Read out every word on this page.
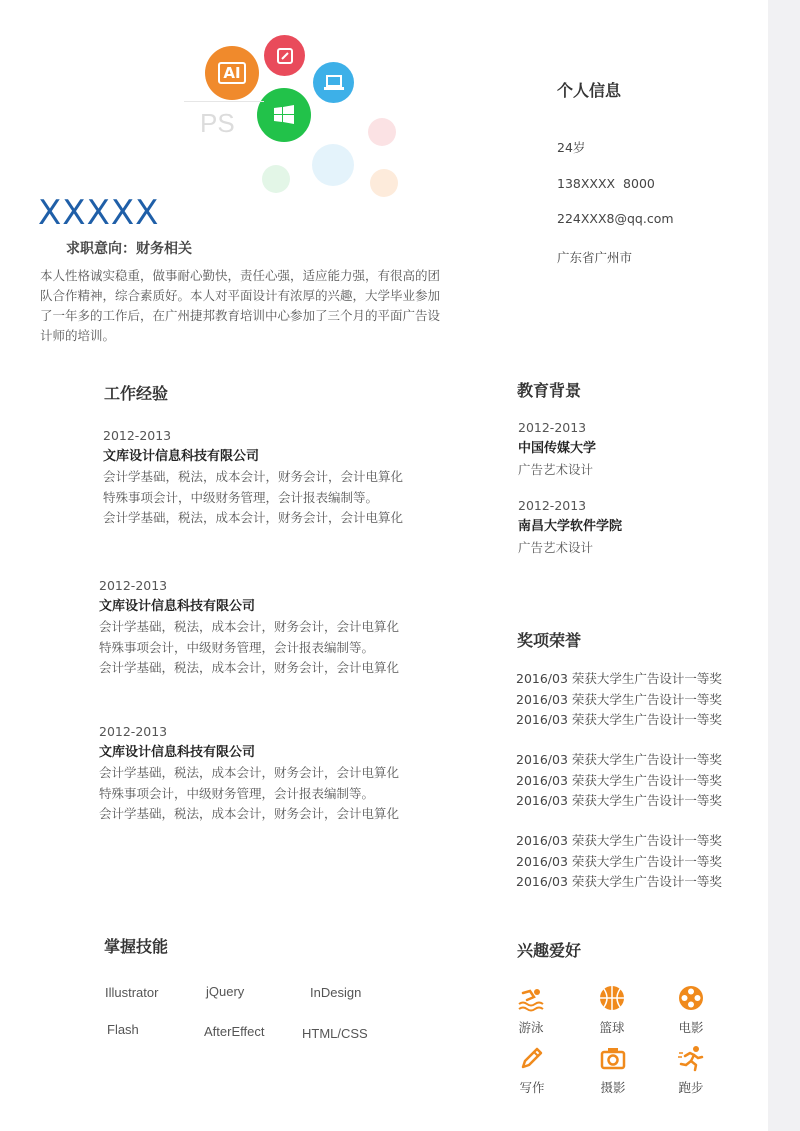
AI
PS
XXXXX
求职意向：财务相关

本人性格诚实稳重，做事耐心勤快，责任心强，适应能力强，有很高的团队合作精神，综合素质好。本人对平面设计有浓厚的兴趣，大学毕业参加了一年多的工作后，在广州捷邦教育培训中心参加了三个月的平面广告设计师的培训。

个人信息
24岁
138XXXX  8000
224XXX8@qq.com
广东省广州市
工作经验
2012-2013
文库设计信息科技有限公司
会计学基础，税法，成本会计，财务会计，会计电算化
特殊事项会计，中级财务管理，会计报表编制等。
会计学基础，税法，成本会计，财务会计，会计电算化
2012-2013
文库设计信息科技有限公司
会计学基础，税法，成本会计，财务会计，会计电算化
特殊事项会计，中级财务管理，会计报表编制等。
会计学基础，税法，成本会计，财务会计，会计电算化
2012-2013
文库设计信息科技有限公司
会计学基础，税法，成本会计，财务会计，会计电算化
特殊事项会计，中级财务管理，会计报表编制等。
会计学基础，税法，成本会计，财务会计，会计电算化
教育背景
2012-2013
中国传媒大学
广告艺术设计
2012-2013
南昌大学软件学院
广告艺术设计
奖项荣誉
2016/03 荣获大学生广告设计一等奖
2016/03 荣获大学生广告设计一等奖
2016/03 荣获大学生广告设计一等奖
2016/03 荣获大学生广告设计一等奖
2016/03 荣获大学生广告设计一等奖
2016/03 荣获大学生广告设计一等奖
2016/03 荣获大学生广告设计一等奖
2016/03 荣获大学生广告设计一等奖
2016/03 荣获大学生广告设计一等奖
掌握技能
Illustrator	jQuery	InDesign
Flash	AfterEffect	HTML/CSS
兴趣爱好
游泳	篮球	电影
写作	摄影	跑步
